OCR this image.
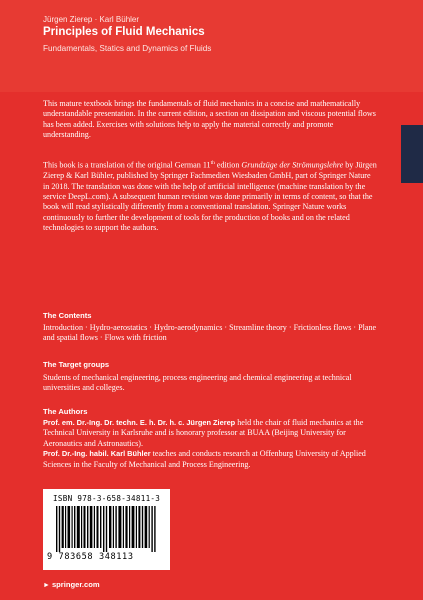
Jürgen Zierep · Karl Bühler
Principles of Fluid Mechanics
Fundamentals, Statics and Dynamics of Fluids

This mature textbook brings the fundamentals of fluid mechanics in a concise and mathematically understandable presentation. In the current edition, a section on dissipation and viscous potential flows has been added. Exercises with solutions help to apply the material correctly and promote understanding.

This book is a translation of the original German 11th edition Grundzüge der Strömungslehre by Jürgen Zierep & Karl Bühler, published by Springer Fachmedien Wiesbaden GmbH, part of Springer Nature in 2018. The translation was done with the help of artificial intelligence (machine translation by the service DeepL.com). A subsequent human revision was done primarily in terms of content, so that the book will read stylistically differently from a conventional translation. Springer Nature works continuously to further the development of tools for the production of books and on the related technologies to support the authors.

The Contents
Introduction · Hydro-aerostatics · Hydro-aerodynamics · Streamline theory · Frictionless flows · Plane and spatial flows · Flows with friction
The Target groups
Students of mechanical engineering, process engineering and chemical engineering at technical universities and colleges.
The Authors

Prof. em. Dr.-Ing. Dr. techn. E. h. Dr. h. c. Jürgen Zierep held the chair of fluid mechanics at the Technical University in Karlsruhe and is honorary professor at BUAA (Beijing University for Aeronautics and Astronautics).

Prof. Dr.-Ing. habil. Karl Bühler teaches and conducts research at Offenburg University of Applied Sciences in the Faculty of Mechanical and Process Engineering.

ISBN 978-3-658-34811-3
9 783658 348113
► springer.com
